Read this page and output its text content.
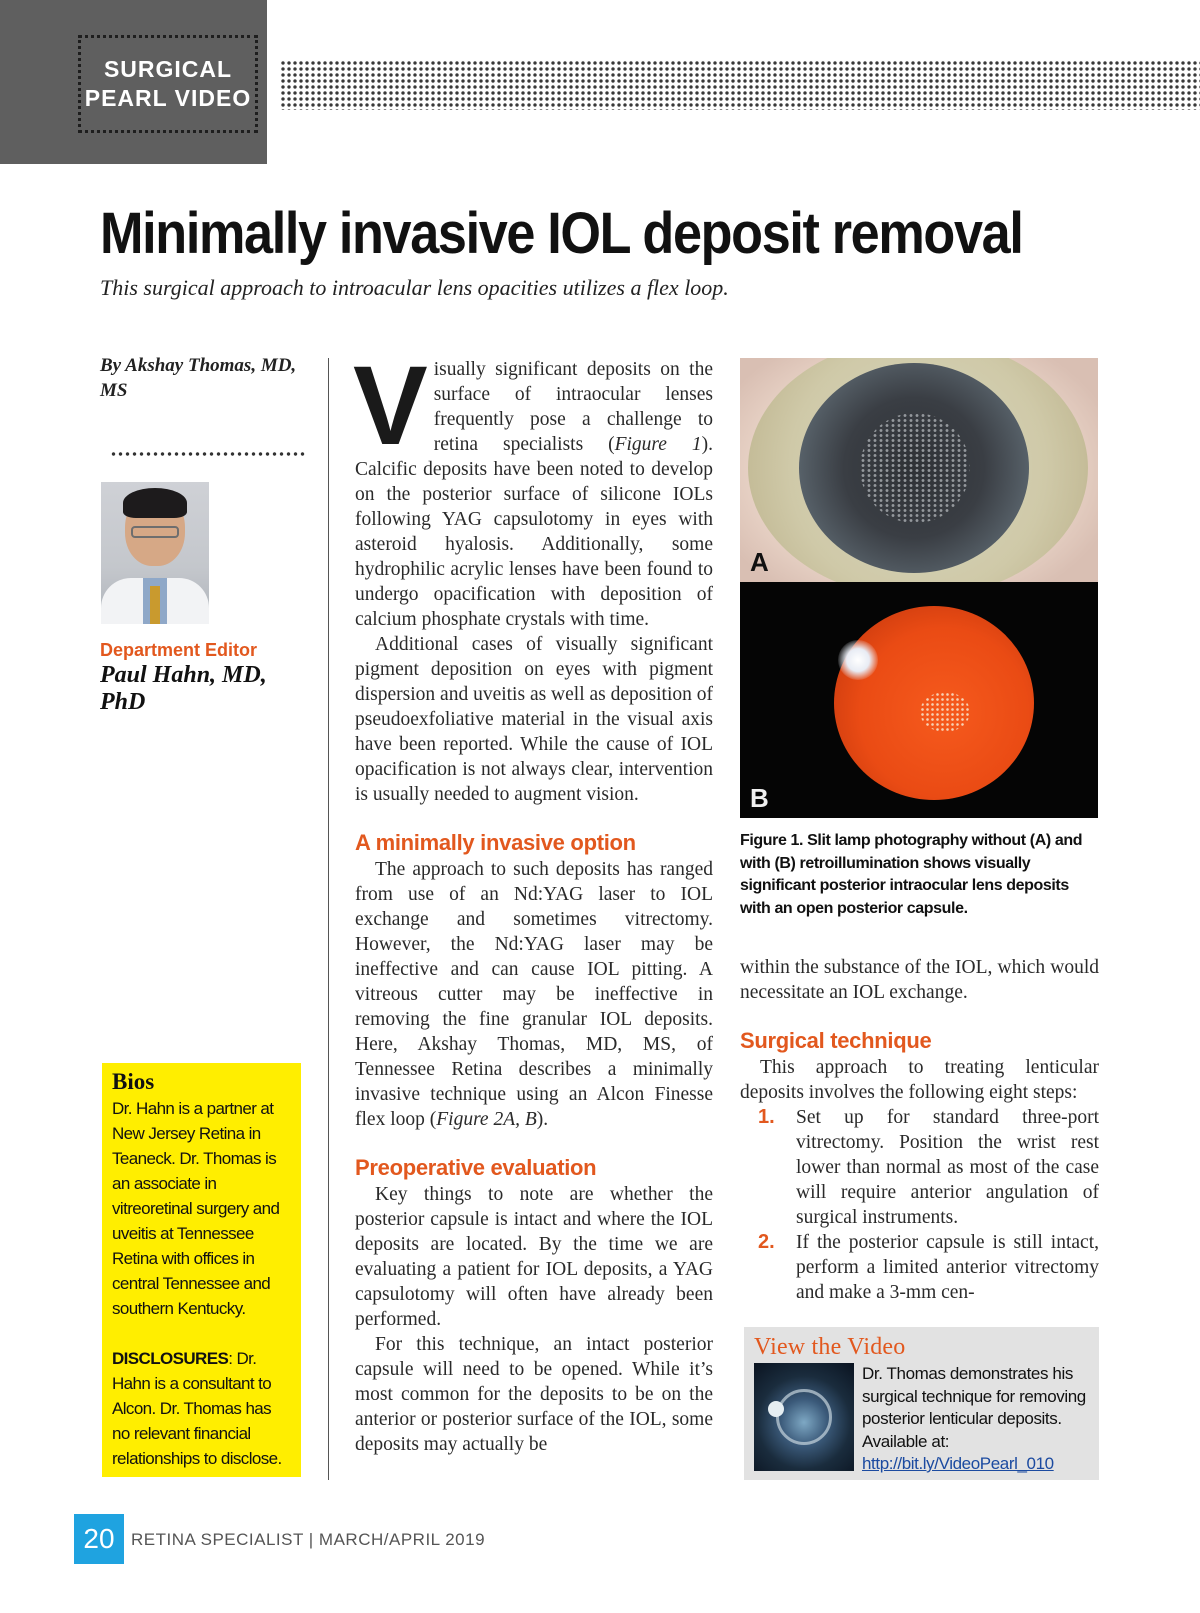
SURGICAL
PEARL VIDEO
Minimally invasive IOL deposit removal
This surgical approach to introacular lens opacities utilizes a flex loop.
By Akshay Thomas, MD, MS
Department Editor
Paul Hahn, MD, PhD
Bios

Dr. Hahn is a partner at New Jersey Retina in Teaneck. Dr. Thomas is an associate in vitreoretinal surgery and uveitis at Tennessee Retina with offices in central Tennessee and southern Kentucky.

DISCLOSURES: Dr. Hahn is a consultant to Alcon. Dr. Thomas has no relevant financial relationships to disclose.

Visually significant deposits on the surface of intraocular lenses frequently pose a challenge to retina specialists (Figure 1). Calcific deposits have been noted to develop on the posterior surface of silicone IOLs following YAG capsulotomy in eyes with asteroid hyalosis. Additionally, some hydrophilic acrylic lenses have been found to undergo opacification with deposition of calcium phosphate crystals with time.

Additional cases of visually significant pigment deposition on eyes with pigment dispersion and uveitis as well as deposition of pseudoexfoliative material in the visual axis have been reported. While the cause of IOL opacification is not always clear, intervention is usually needed to augment vision.

A minimally invasive option

The approach to such deposits has ranged from use of an Nd:YAG laser to IOL exchange and sometimes vitrectomy. However, the Nd:YAG laser may be ineffective and can cause IOL pitting. A vitreous cutter may be ineffective in removing the fine granular IOL deposits. Here, Akshay Thomas, MD, MS, of Tennessee Retina describes a minimally invasive technique using an Alcon Finesse flex loop (Figure 2A, B).

Preoperative evaluation

Key things to note are whether the posterior capsule is intact and where the IOL deposits are located. By the time we are evaluating a patient for IOL deposits, a YAG capsulotomy will often have already been performed.

For this technique, an intact posterior capsule will need to be opened. While it’s most common for the deposits to be on the anterior or posterior surface of the IOL, some deposits may actually be

A
B
Figure 1. Slit lamp photography without (A) and with (B) retroillumination shows visually significant posterior intraocular lens deposits with an open posterior capsule.

within the substance of the IOL, which would necessitate an IOL exchange.

Surgical technique

This approach to treating lenticular deposits involves the following eight steps:

1. Set up for standard three-port vitrectomy. Position the wrist rest lower than normal as most of the case will require anterior angulation of surgical instruments.
2. If the posterior capsule is still intact, perform a limited anterior vitrectomy and make a 3-mm cen-
View the Video
Dr. Thomas demonstrates his surgical technique for removing posterior lenticular deposits. Available at:
http://bit.ly/VideoPearl_010
20 RETINA SPECIALIST | MARCH/APRIL 2019
